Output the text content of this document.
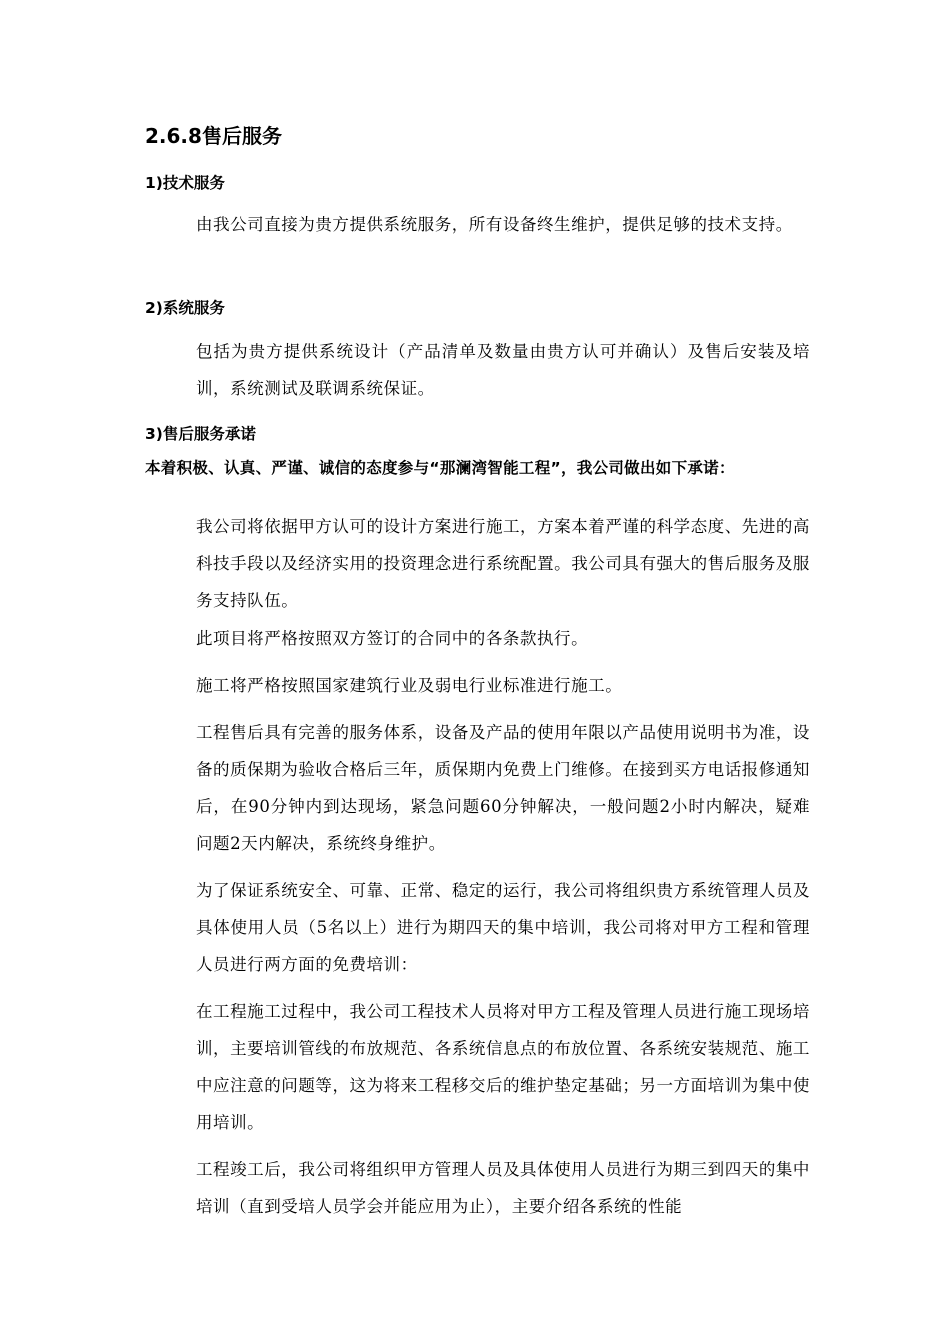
2.6.8售后服务
1)技术服务
由我公司直接为贵方提供系统服务，所有设备终生维护，提供足够的技术支持。
2)系统服务
包括为贵方提供系统设计（产品清单及数量由贵方认可并确认）及售后安装及培训，系统测试及联调系统保证。
3)售后服务承诺
本着积极、认真、严谨、诚信的态度参与“那澜湾智能工程”，我公司做出如下承诺：
我公司将依据甲方认可的设计方案进行施工，方案本着严谨的科学态度、先进的高科技手段以及经济实用的投资理念进行系统配置。我公司具有强大的售后服务及服务支持队伍。
此项目将严格按照双方签订的合同中的各条款执行。
施工将严格按照国家建筑行业及弱电行业标准进行施工。
工程售后具有完善的服务体系，设备及产品的使用年限以产品使用说明书为准，设备的质保期为验收合格后三年，质保期内免费上门维修。在接到买方电话报修通知后，在90分钟内到达现场，紧急问题60分钟解决，一般问题2小时内解决，疑难问题2天内解决，系统终身维护。
为了保证系统安全、可靠、正常、稳定的运行，我公司将组织贵方系统管理人员及具体使用人员（5名以上）进行为期四天的集中培训，我公司将对甲方工程和管理人员进行两方面的免费培训：
在工程施工过程中，我公司工程技术人员将对甲方工程及管理人员进行施工现场培训，主要培训管线的布放规范、各系统信息点的布放位置、各系统安装规范、施工中应注意的问题等，这为将来工程移交后的维护垫定基础；另一方面培训为集中使用培训。
工程竣工后，我公司将组织甲方管理人员及具体使用人员进行为期三到四天的集中培训（直到受培人员学会并能应用为止），主要介绍各系统的性能
